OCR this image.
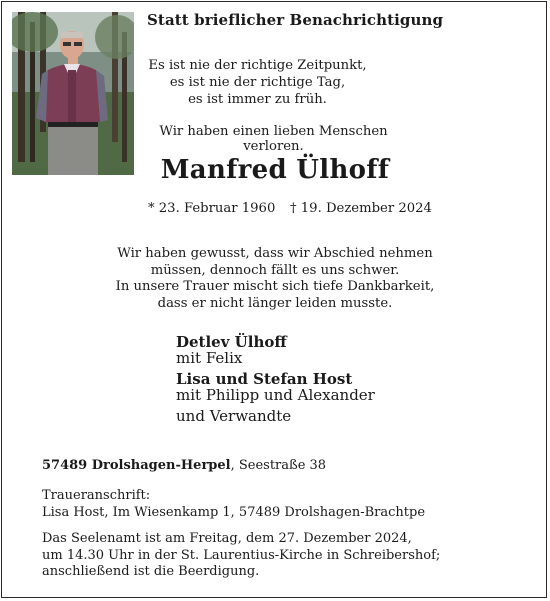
Statt brieflicher Benachrichtigung
Es ist nie der richtige Zeitpunkt,
es ist nie der richtige Tag,
es ist immer zu früh.
Wir haben einen lieben Menschen verloren.
Manfred Ülhoff
* 23. Februar 1960 † 19. Dezember 2024
Wir haben gewusst, dass wir Abschied nehmen
müssen, dennoch fällt es uns schwer.
In unsere Trauer mischt sich tiefe Dankbarkeit,
dass er nicht länger leiden musste.
Detlev Ülhoff
mit Felix
Lisa und Stefan Host
mit Philipp und Alexander
und Verwandte
57489 Drolshagen-Herpel, Seestraße 38
Traueranschrift:
Lisa Host, Im Wiesenkamp 1, 57489 Drolshagen-Brachtpe
Das Seelenamt ist am Freitag, dem 27. Dezember 2024,
um 14.30 Uhr in der St. Laurentius-Kirche in Schreibershof;
anschließend ist die Beerdigung.
